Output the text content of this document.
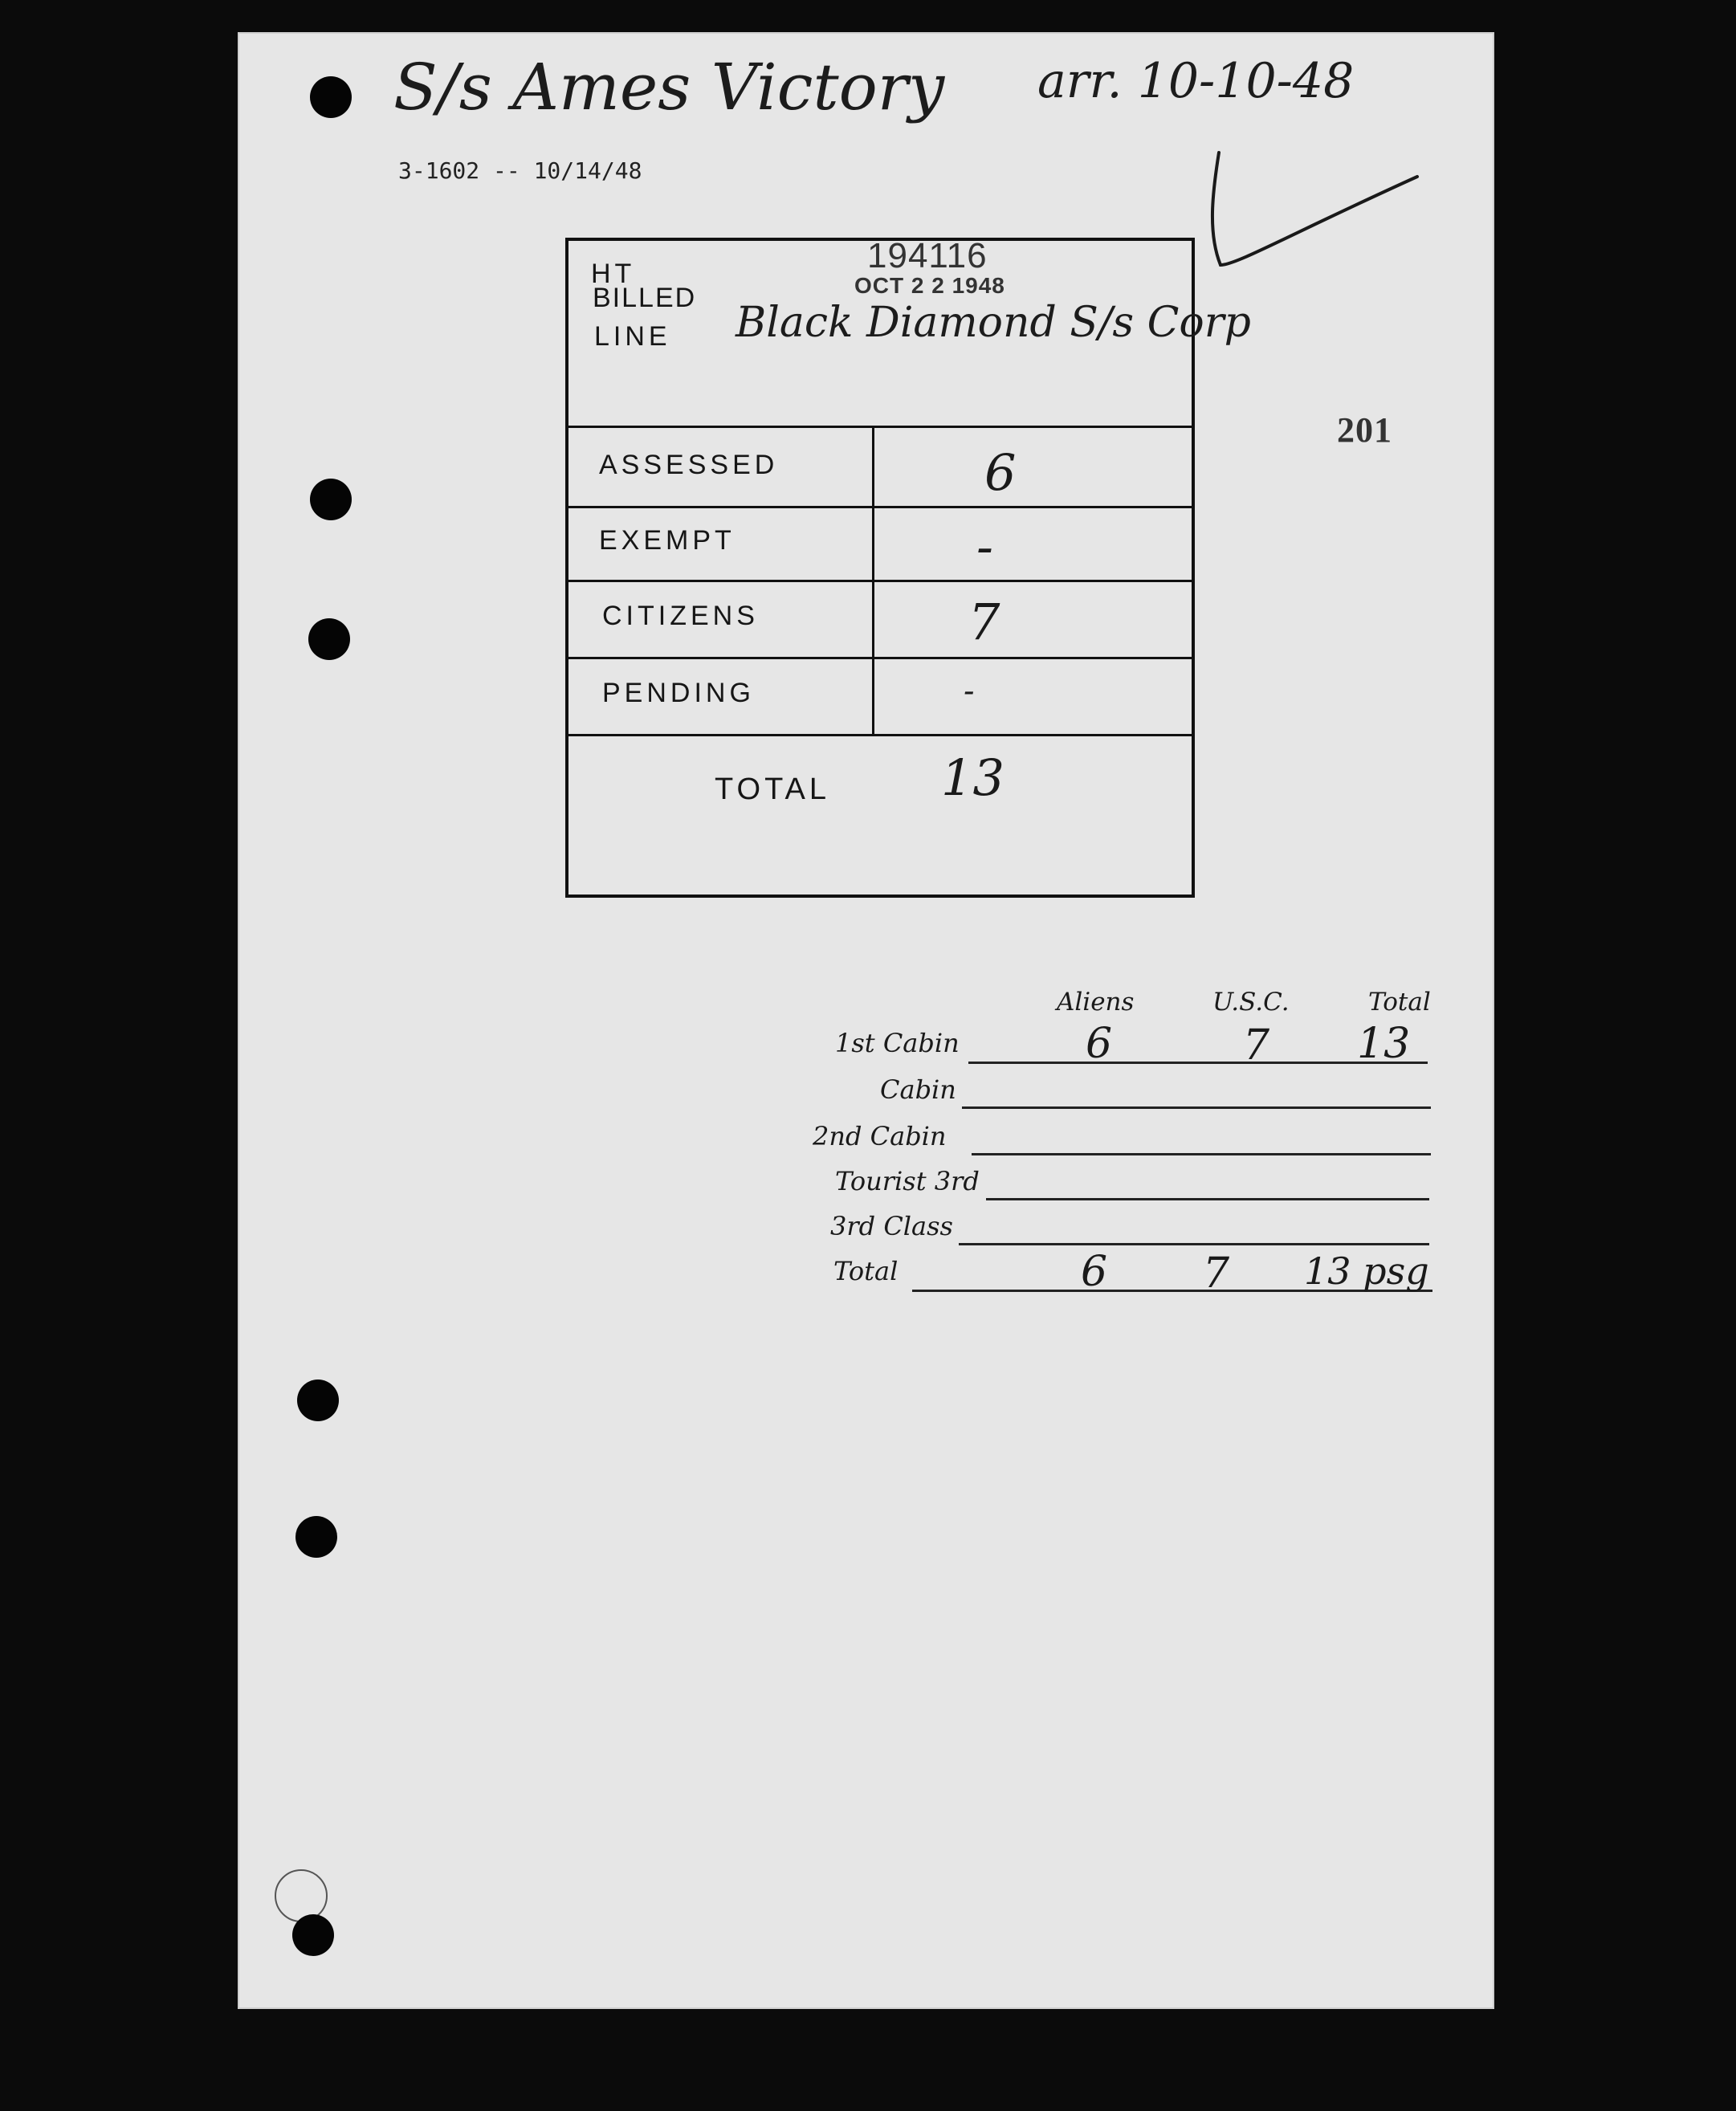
S/s Ames Victory arr. 10-10-48
3-1602 -- 10/14/48
201
194116
OCT 2 2 1948
HT
BILLED
LINE Black Diamond S/s Corp
ASSESSED	6
EXEMPT	-
CITIZENS	7
PENDING	-
TOTAL 13
Aliens	U.S.C.	Total
1st Cabin	6	7 13
Cabin
2nd Cabin
Tourist 3rd
3rd Class
Total	6 7 13 psg
